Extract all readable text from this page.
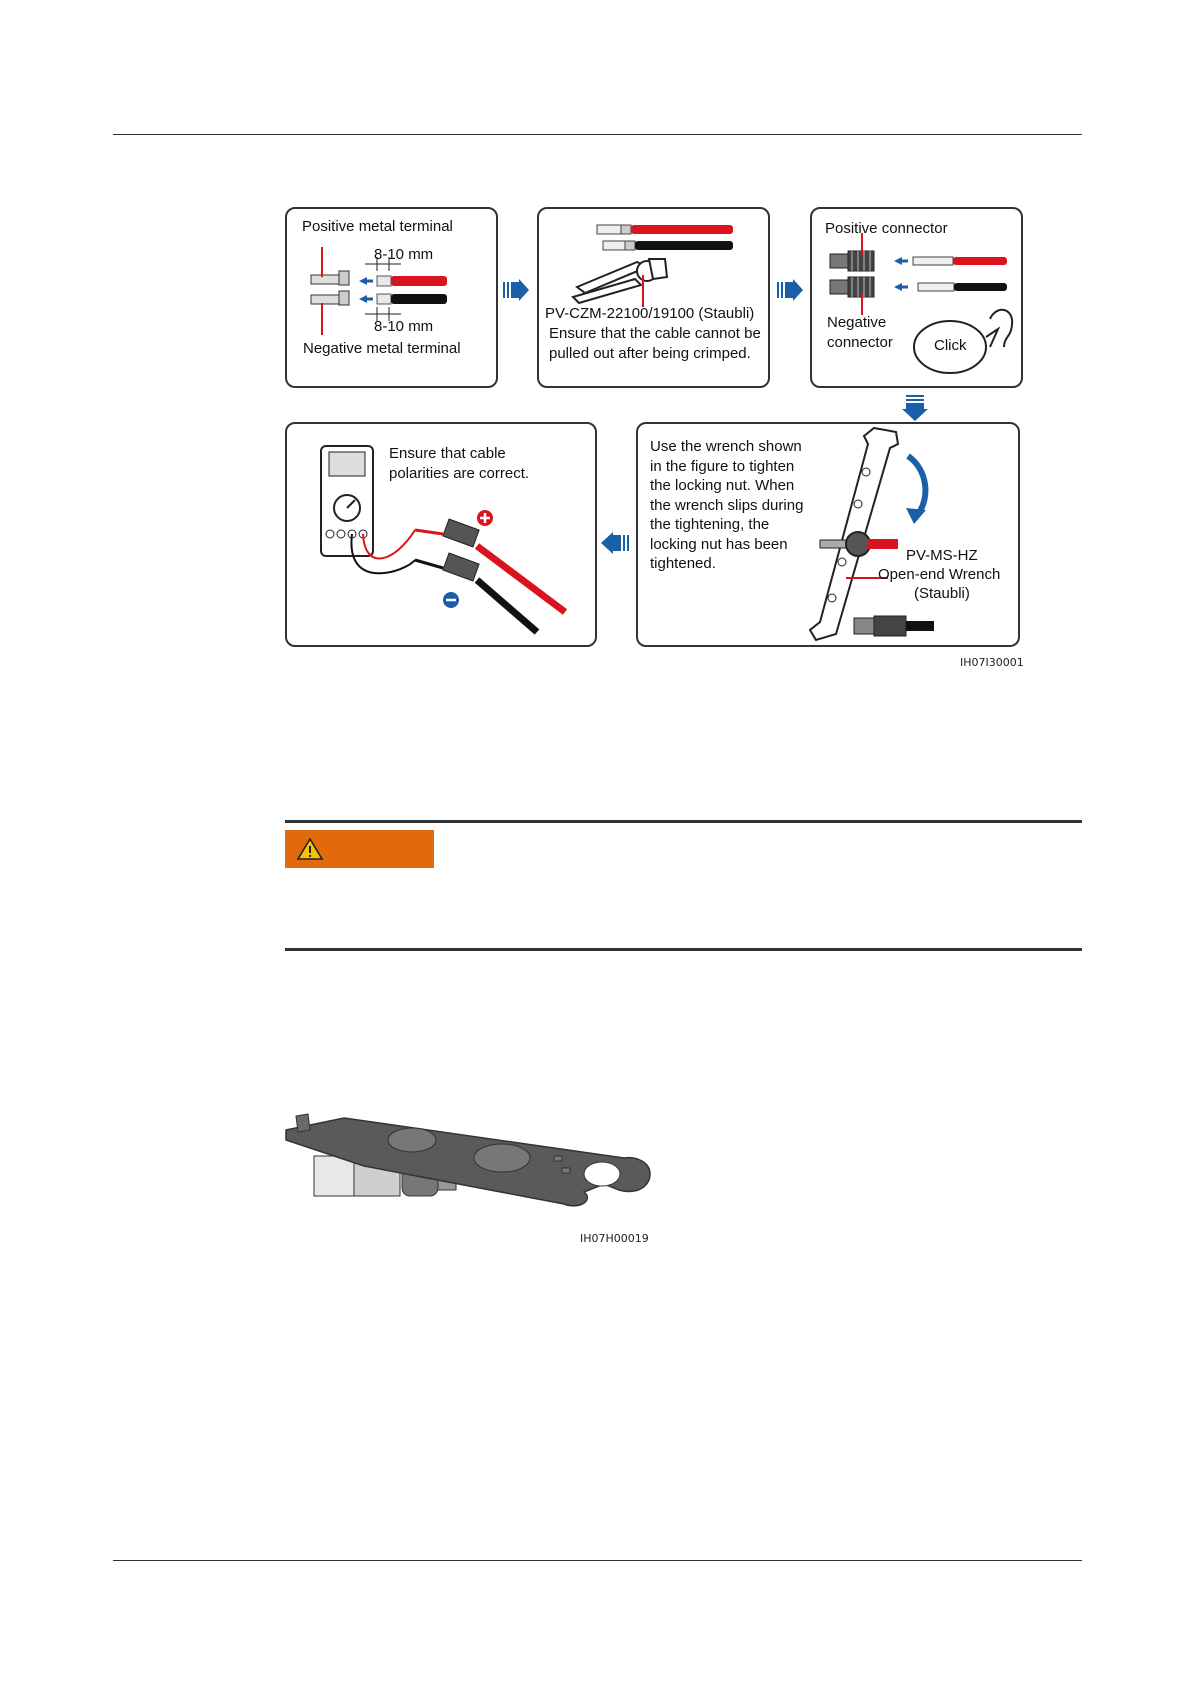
Positive metal terminal
8-10 mm
8-10 mm
Negative metal terminal
PV-CZM-22100/19100 (Staubli)
Ensure that the cable cannot be pulled out after being crimped.
Positive connector
Negative connector	Click
Use the wrench shown in the figure to tighten the locking nut. When the wrench slips during the tightening, the locking nut has been tightened.	PV-MS-HZ
Open-end Wrench
(Staubli)
Ensure that cable polarities are correct.
IH07I30001
IH07H00019
